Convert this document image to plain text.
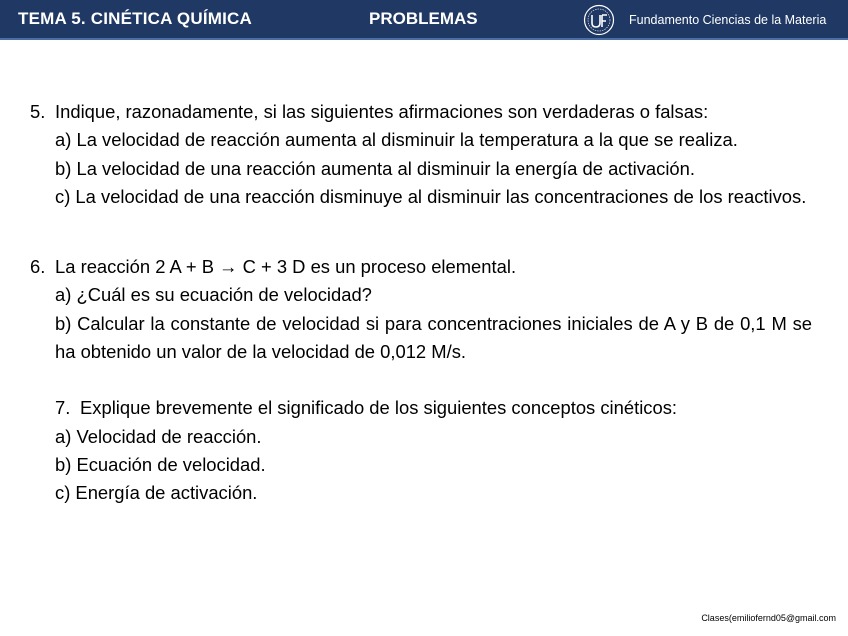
TEMA 5. CINÉTICA QUÍMICA	PROBLEMAS	Fundamento Ciencias de la Materia
5. Indique, razonadamente, si las siguientes afirmaciones son verdaderas o falsas:
a) La velocidad de reacción aumenta al disminuir la temperatura a la que se realiza.
b) La velocidad de una reacción aumenta al disminuir la energía de activación.
c) La velocidad de una reacción disminuye al disminuir las concentraciones de los reactivos.
6. La reacción 2 A + B → C + 3 D es un proceso elemental.
a) ¿Cuál es su ecuación de velocidad?
b) Calcular la constante de velocidad si para concentraciones iniciales de A y B de 0,1 M se ha obtenido un valor de la velocidad de 0,012 M/s.
7. Explique brevemente el significado de los siguientes conceptos cinéticos:
a) Velocidad de reacción.
b) Ecuación de velocidad.
c) Energía de activación.
Clases(emiliofernd05@gmail.com
